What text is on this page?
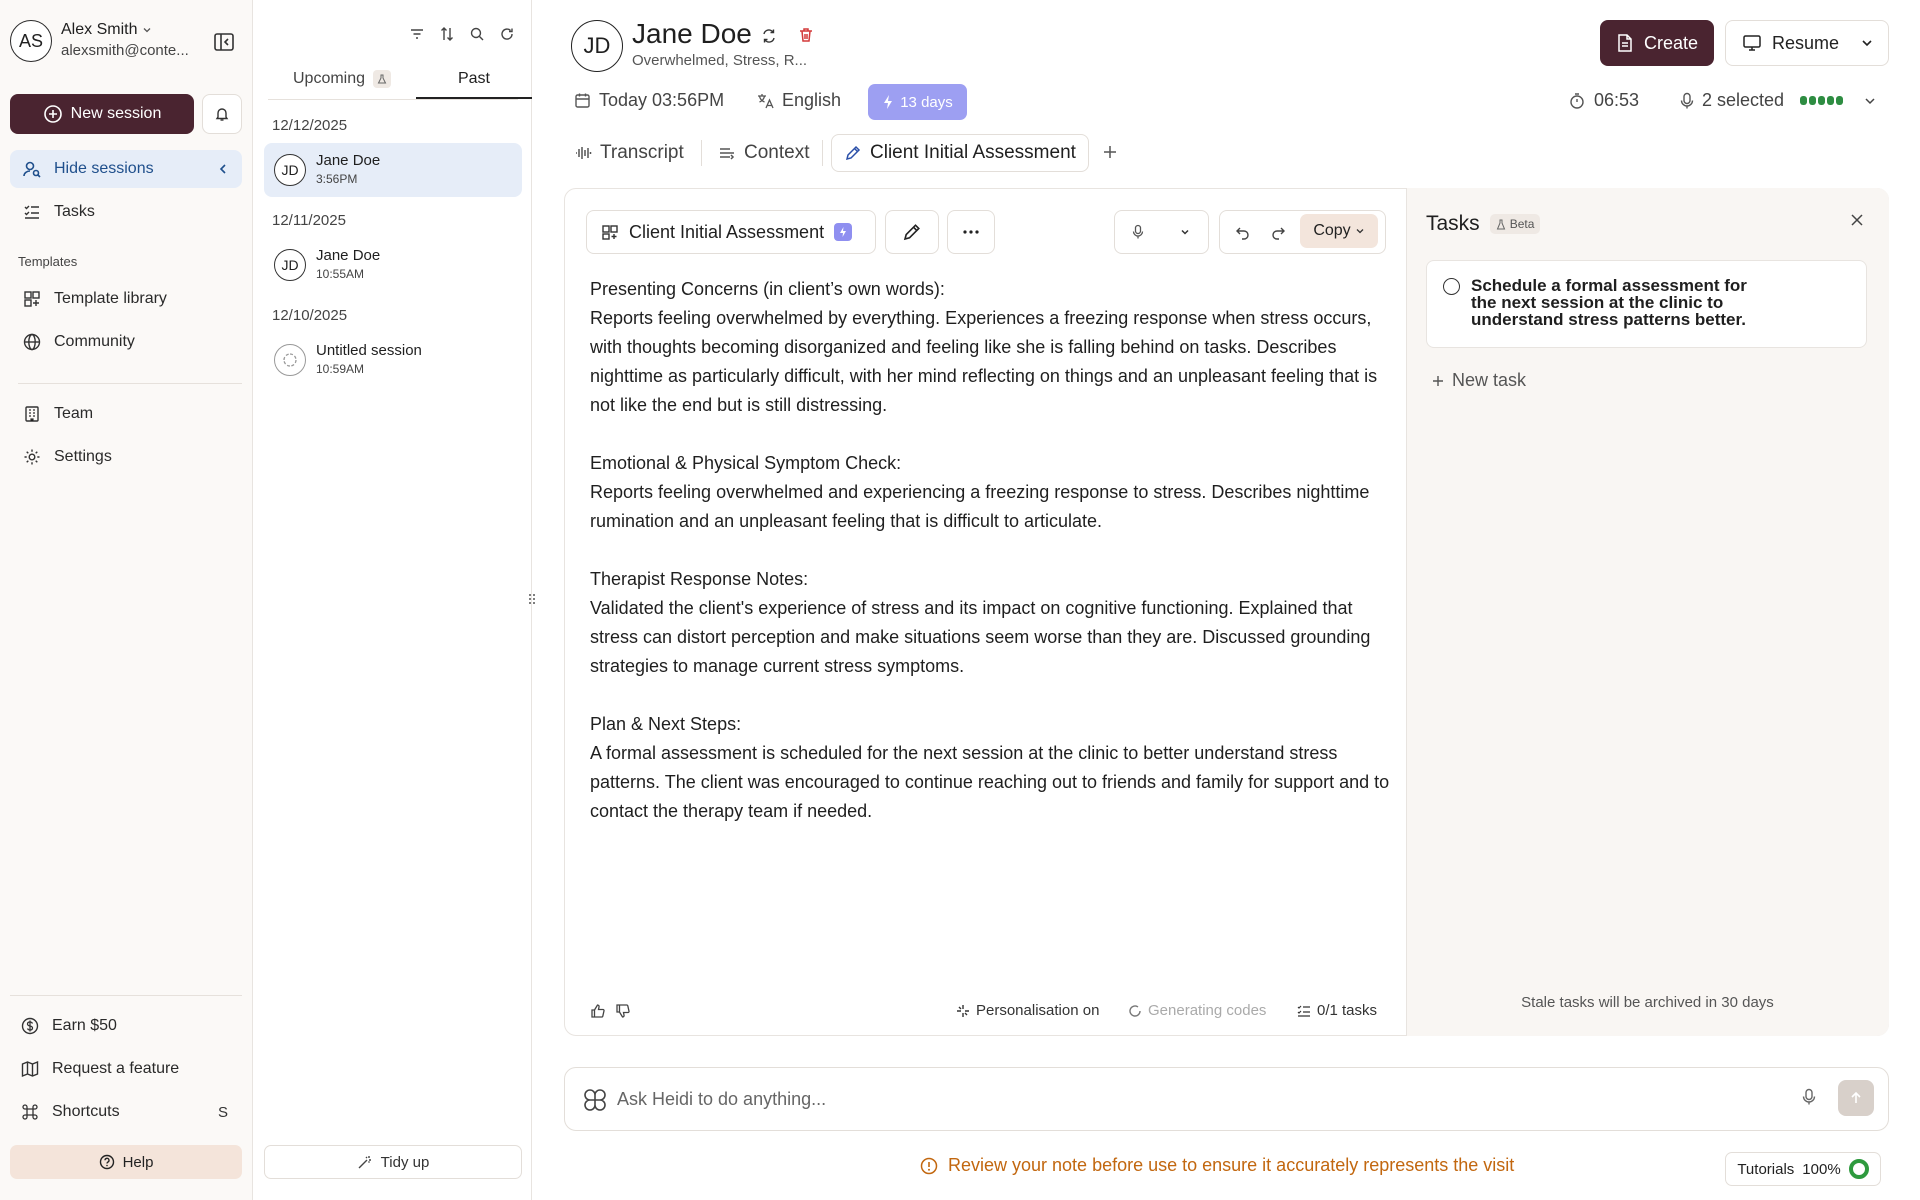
AS
Alex Smith
alexsmith@conte...
New session
Hide sessions
Tasks
Templates
Template library
Community
Team
Settings
Earn $50
Request a feature
Shortcuts	S
Help
Upcoming	Past
12/12/2025
JD
Jane Doe
3:56PM
12/11/2025
JD
Jane Doe
10:55AM
12/10/2025
Untitled session
10:59AM
Tidy up
JD Jane Doe
Overwhelmed, Stress, R...
Create	Resume
Today 03:56PM	English	13 days	06:53	2 selected
Transcript	Context	Client Initial Assessment
Client Initial Assessment	Copy

Presenting Concerns (in client’s own words):
Reports feeling overwhelmed by everything. Experiences a freezing response when stress occurs, with thoughts becoming disorganized and feeling like she is falling behind on tasks. Describes nighttime as particularly difficult, with her mind reflecting on things and an unpleasant feeling that is not like the end but is still distressing.

Emotional & Physical Symptom Check:
Reports feeling overwhelmed and experiencing a freezing response to stress. Describes nighttime rumination and an unpleasant feeling that is difficult to articulate.

Therapist Response Notes:
Validated the client's experience of stress and its impact on cognitive functioning. Explained that stress can distort perception and make situations seem worse than they are. Discussed grounding strategies to manage current stress symptoms.

Plan & Next Steps:
A formal assessment is scheduled for the next session at the clinic to better understand stress patterns. The client was encouraged to continue reaching out to friends and family for support and to contact the therapy team if needed.

Personalisation on	Generating codes	0/1 tasks
Tasks	Beta
Schedule a formal assessment for the next session at the clinic to understand stress patterns better.
New task
Stale tasks will be archived in 30 days
Ask Heidi to do anything...
Review your note before use to ensure it accurately represents the visit	Tutorials 100%
